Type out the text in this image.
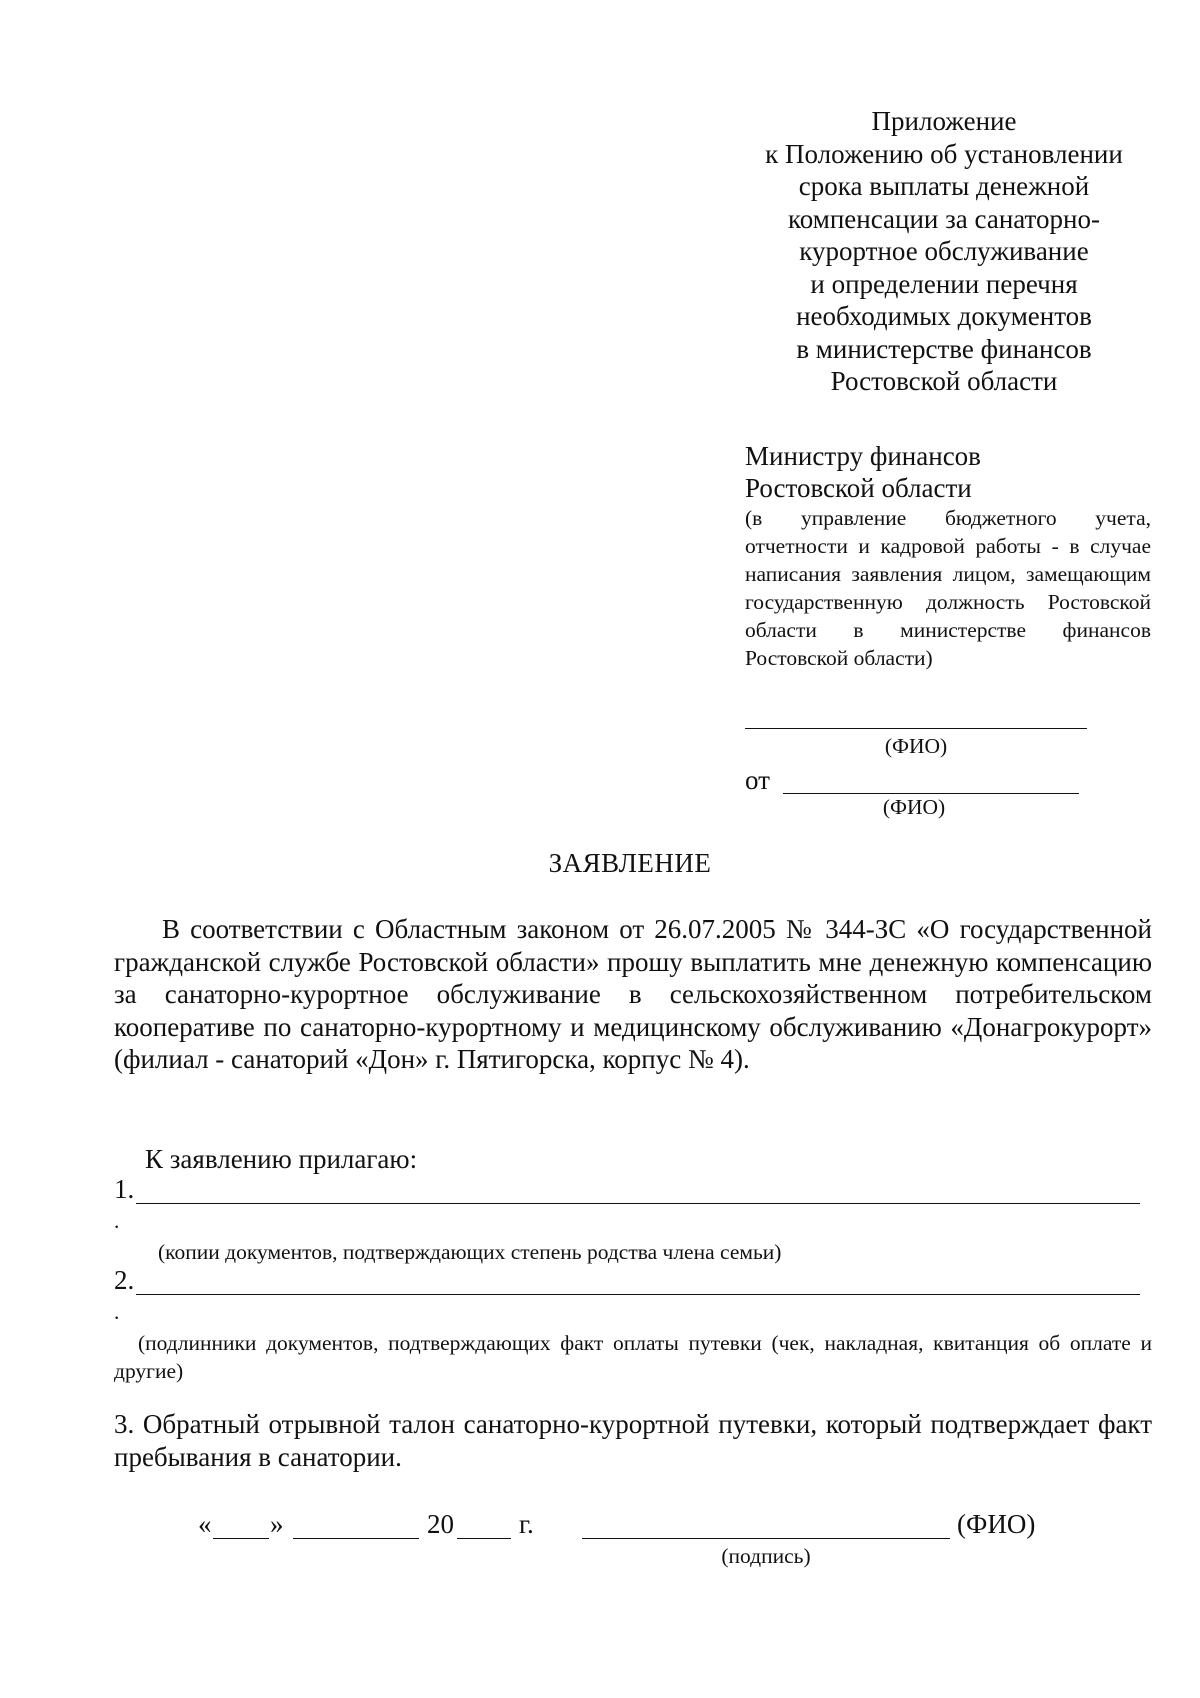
Приложение
к Положению об установлении
срока выплаты денежной
компенсации за санаторно-
курортное обслуживание
и определении перечня
необходимых документов
в министерстве финансов
Ростовской области
Министру финансов
Ростовской области
(в управление бюджетного учета, отчетности и кадровой работы - в случае написания заявления лицом, замещающим государственную должность Ростовской области в министерстве финансов Ростовской области)
(ФИО)
от
(ФИО)
ЗАЯВЛЕНИЕ
В соответствии с Областным законом от 26.07.2005 № 344-ЗС «О государственной гражданской службе Ростовской области» прошу выплатить мне денежную компенсацию за санаторно-курортное обслуживание в сельскохозяйственном потребительском кооперативе по санаторно-курортному и медицинскому обслуживанию «Донагрокурорт» (филиал - санаторий «Дон» г. Пятигорска, корпус № 4).
К заявлению прилагаю:
1.
.
(копии документов, подтверждающих степень родства члена семьи)
2.
.
(подлинники документов, подтверждающих факт оплаты путевки (чек, накладная, квитанция об оплате и другие)
3. Обратный отрывной талон санаторно-курортной путевки, который подтверждает факт пребывания в санатории.
« »	20 г.	(ФИО)
(подпись)
